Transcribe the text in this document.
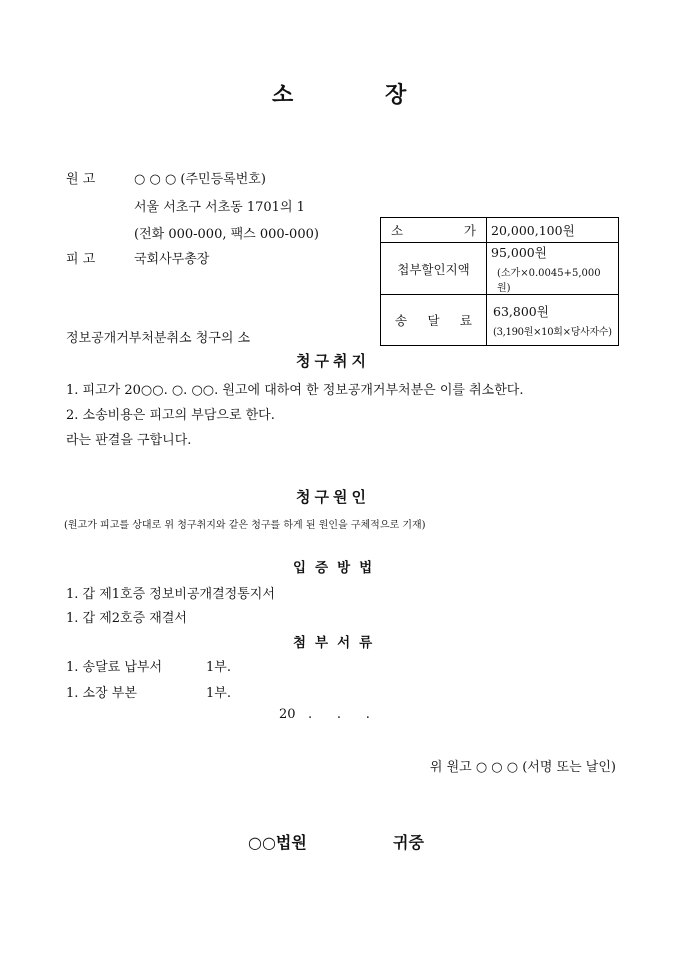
소	장
원 고	○ ○ ○ (주민등록번호)
서울 서초구 서초동 1701의 1
(전화 000-000, 팩스 000-000)
피 고	국회사무총장
소 가	20,000,100원
첩부할인지액	95,000원
(소가×0.0045+5,000원)

송 달 료	63,800원
(3,190원×10회×당사자수)
정보공개거부처분취소 청구의 소
청구취지
1. 피고가 20○○. ○. ○○. 원고에 대하여 한 정보공개거부처분은 이를 취소한다.
2. 소송비용은 피고의 부담으로 한다.
라는 판결을 구합니다.
청구원인
(원고가 피고를 상대로 위 청구취지와 같은 청구를 하게 된 원인을 구체적으로 기재)
입증방법
1. 갑 제1호증 정보비공개결정통지서
1. 갑 제2호증 재결서
첨부서류
1. 송달료 납부서	1부.
1. 소장 부본	1부.
20   .      .      .
위 원고 ○ ○ ○ (서명 또는 날인)
○○법원	귀중
